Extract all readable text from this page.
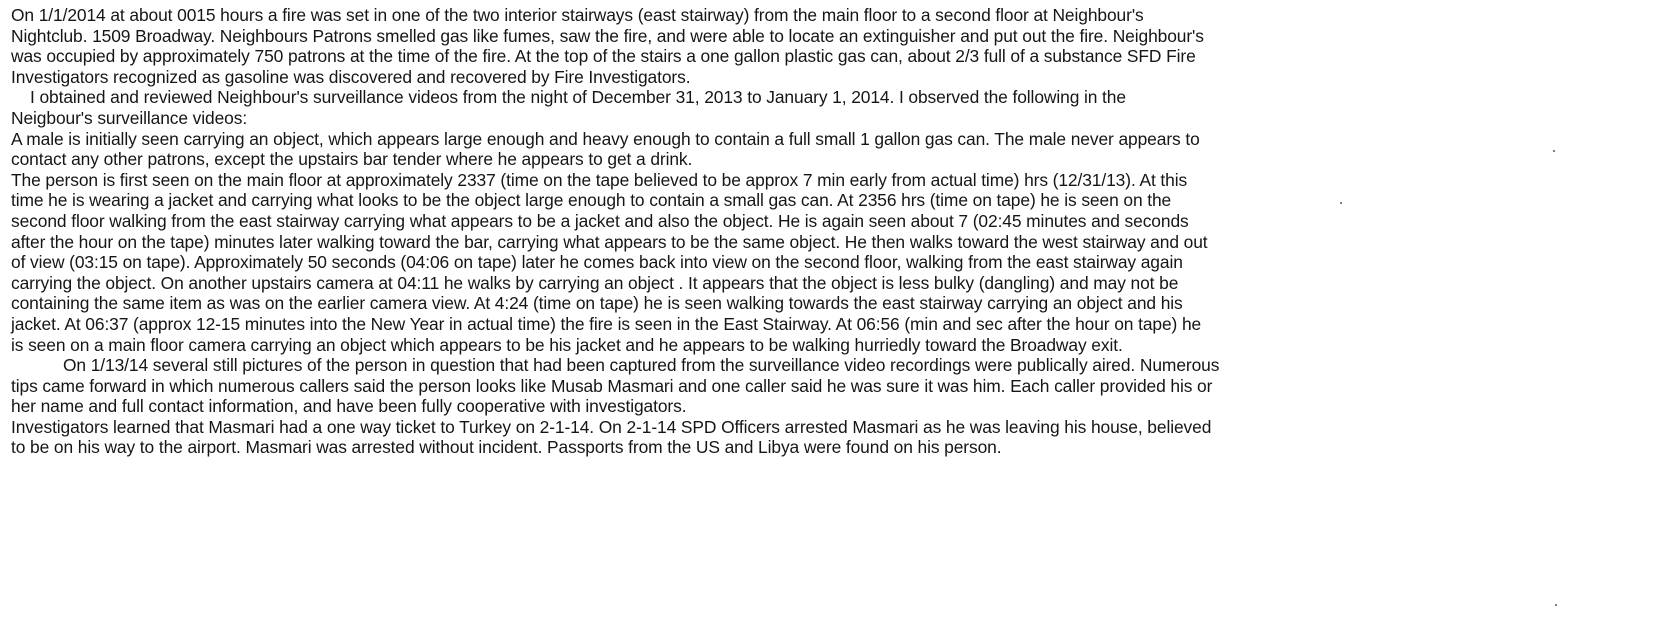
On 1/1/2014 at about 0015 hours a fire was set in one of the two interior stairways (east stairway) from the main floor to a second floor at Neighbour's
Nightclub. 1509 Broadway. Neighbours Patrons smelled gas like fumes, saw the fire, and were able to locate an extinguisher and put out the fire. Neighbour's
was occupied by approximately 750 patrons at the time of the fire. At the top of the stairs a one gallon plastic gas can, about 2/3 full of a substance SFD Fire
Investigators recognized as gasoline was discovered and recovered by Fire Investigators.
I obtained and reviewed Neighbour's surveillance videos from the night of December 31, 2013 to January 1, 2014. I observed the following in the
Neigbour's surveillance videos:
A male is initially seen carrying an object, which appears large enough and heavy enough to contain a full small 1 gallon gas can. The male never appears to
contact any other patrons, except the upstairs bar tender where he appears to get a drink.
The person is first seen on the main floor at approximately 2337 (time on the tape believed to be approx 7 min early from actual time) hrs (12/31/13). At this
time he is wearing a jacket and carrying what looks to be the object large enough to contain a small gas can. At 2356 hrs (time on tape) he is seen on the
second floor walking from the east stairway carrying what appears to be a jacket and also the object. He is again seen about 7 (02:45 minutes and seconds
after the hour on the tape) minutes later walking toward the bar, carrying what appears to be the same object. He then walks toward the west stairway and out
of view (03:15 on tape). Approximately 50 seconds (04:06 on tape) later he comes back into view on the second floor, walking from the east stairway again
carrying the object. On another upstairs camera at 04:11 he walks by carrying an object . It appears that the object is less bulky (dangling) and may not be
containing the same item as was on the earlier camera view. At 4:24 (time on tape) he is seen walking towards the east stairway carrying an object and his
jacket. At 06:37 (approx 12-15 minutes into the New Year in actual time) the fire is seen in the East Stairway. At 06:56 (min and sec after the hour on tape) he
is seen on a main floor camera carrying an object which appears to be his jacket and he appears to be walking hurriedly toward the Broadway exit.
On 1/13/14 several still pictures of the person in question that had been captured from the surveillance video recordings were publically aired. Numerous
tips came forward in which numerous callers said the person looks like Musab Masmari and one caller said he was sure it was him. Each caller provided his or
her name and full contact information, and have been fully cooperative with investigators.
Investigators learned that Masmari had a one way ticket to Turkey on 2-1-14. On 2-1-14 SPD Officers arrested Masmari as he was leaving his house, believed
to be on his way to the airport. Masmari was arrested without incident. Passports from the US and Libya were found on his person.
